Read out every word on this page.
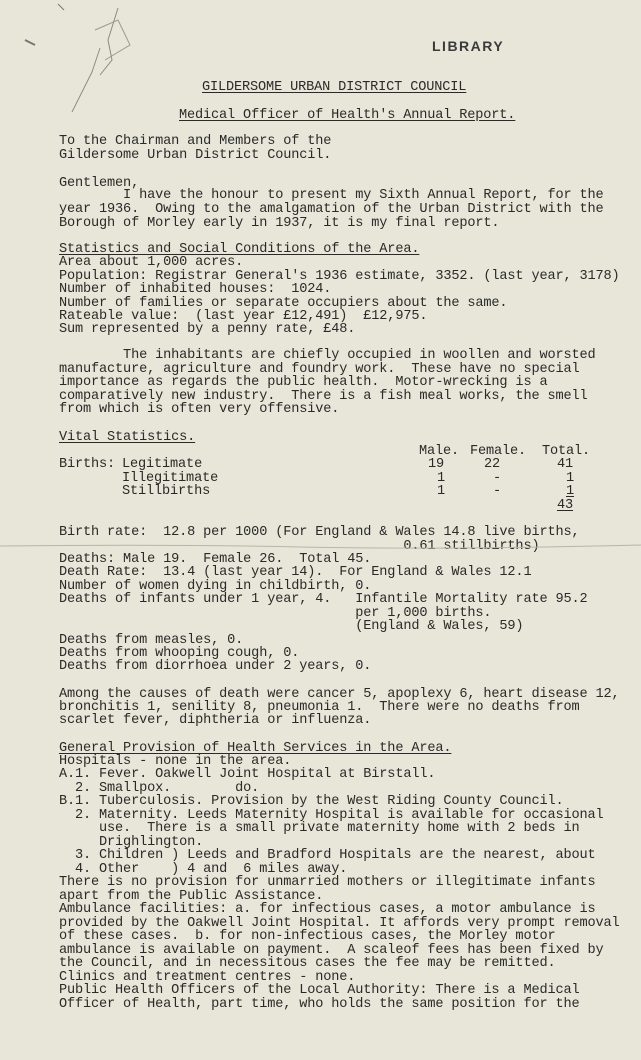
LIBRARY
GILDERSOME URBAN DISTRICT COUNCIL
Medical Officer of Health's Annual Report.
To the Chairman and Members of the
Gildersome Urban District Council.
Gentlemen,
I have the honour to present my Sixth Annual Report, for the
year 1936.  Owing to the amalgamation of the Urban District with the
Borough of Morley early in 1937, it is my final report.
Statistics and Social Conditions of the Area.
Area about 1,000 acres.
Population: Registrar General's 1936 estimate, 3352. (last year, 3178)
Number of inhabited houses:  1024.
Number of families or separate occupiers about the same.
Rateable value:  (last year £12,491)  £12,975.
Sum represented by a penny rate, £48.
The inhabitants are chiefly occupied in woollen and worsted
manufacture, agriculture and foundry work.  These have no special
importance as regards the public health.  Motor-wrecking is a
comparatively new industry.  There is a fish meal works, the smell
from which is often very offensive.
Vital Statistics.
Male. Female. Total.
Births: Legitimate	19	22	41
Illegitimate	1	-	1
Stillbirths	1	-	1
43
Birth rate:  12.8 per 1000 (For England & Wales 14.8 live births,
0.61 stillbirths)
Deaths: Male 19.  Female 26.  Total 45.
Death Rate:  13.4 (last year 14).  For England & Wales 12.1
Number of women dying in childbirth, 0.
Deaths of infants under 1 year, 4.   Infantile Mortality rate 95.2
per 1,000 births.
(England & Wales, 59)
Deaths from measles, 0.
Deaths from whooping cough, 0.
Deaths from diorrhoea under 2 years, 0.
Among the causes of death were cancer 5, apoplexy 6, heart disease 12,
bronchitis 1, senility 8, pneumonia 1.  There were no deaths from
scarlet fever, diphtheria or influenza.
General Provision of Health Services in the Area.
Hospitals - none in the area.
A.1. Fever. Oakwell Joint Hospital at Birstall.
2. Smallpox.        do.
B.1. Tuberculosis. Provision by the West Riding County Council.
2. Maternity. Leeds Maternity Hospital is available for occasional
use.  There is a small private maternity home with 2 beds in
Drighlington.
3. Children ) Leeds and Bradford Hospitals are the nearest, about
4. Other    ) 4 and  6 miles away.
There is no provision for unmarried mothers or illegitimate infants
apart from the Public Assistance.
Ambulance facilities: a. for infectious cases, a motor ambulance is
provided by the Oakwell Joint Hospital. It affords very prompt removal
of these cases.  b. for non-infectious cases, the Morley motor
ambulance is available on payment.  A scaleof fees has been fixed by
the Council, and in necessitous cases the fee may be remitted.
Clinics and treatment centres - none.
Public Health Officers of the Local Authority: There is a Medical
Officer of Health, part time, who holds the same position for the
